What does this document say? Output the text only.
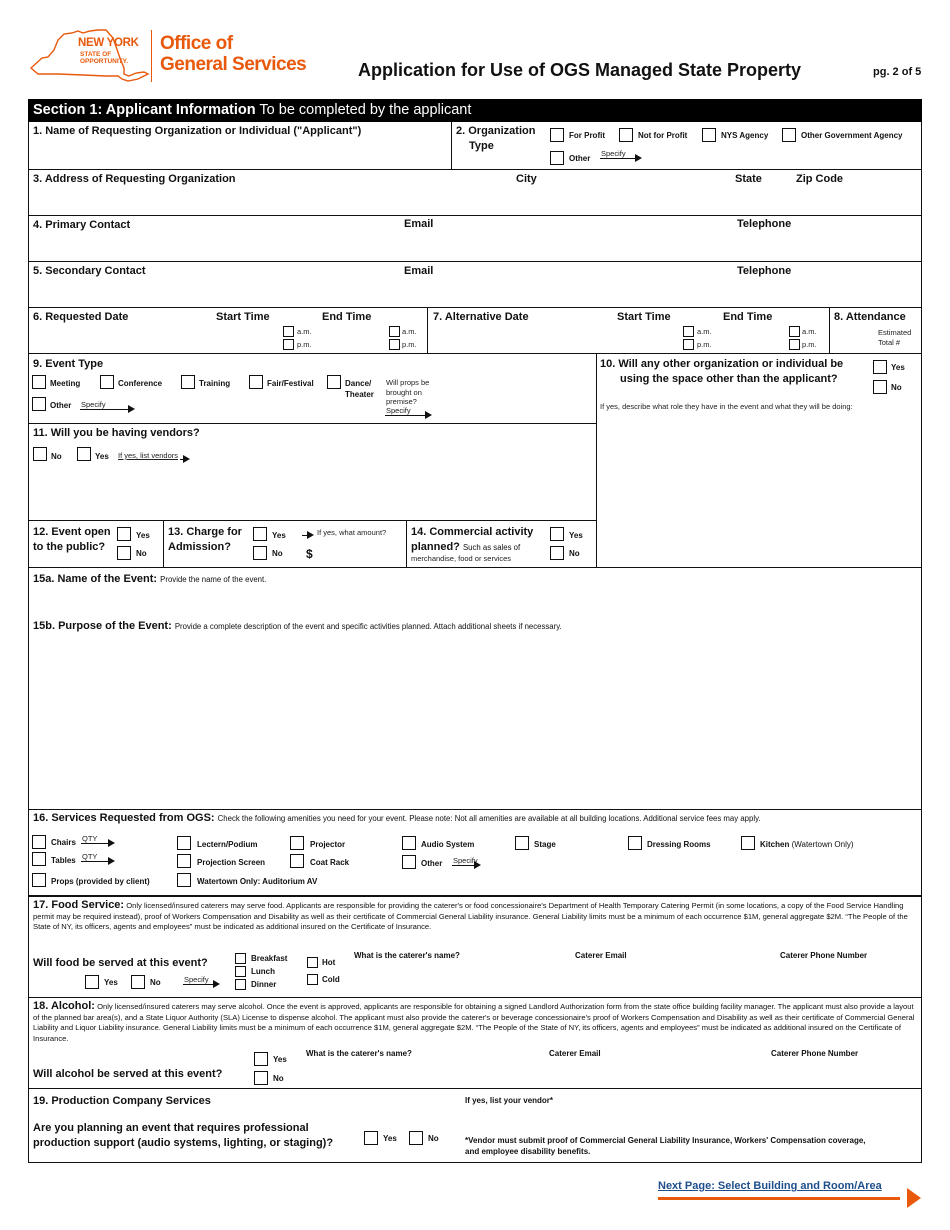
NEW YORK
STATE OF
OPPORTUNITY.
Office of
General Services	Application for Use of OGS Managed State Property	pg. 2 of 5
Section 1: Applicant Information To be completed by the applicant
1. Name of Requesting Organization or Individual ("Applicant")	2. Organization
Type
For Profit	Not for Profit	NYS Agency	Other Government Agency
Other
Specify
3. Address of Requesting Organization	City	State	Zip Code
4. Primary Contact	Email	Telephone
5. Secondary Contact	Email	Telephone
6. Requested Date	Start Time	End Time
a.m.
p.m.
a.m.
p.m.
7. Alternative Date	Start Time	End Time
a.m.
p.m.
a.m.
p.m.
8. Attendance
Estimated
Total #
9. Event Type
Meeting	Conference	Training	Fair/Festival	Dance/
Theater
Will props be
brought on
premise?
Specify
Other Specify
10. Will any other organization or individual be
using the space other than the applicant?
Yes
No
If yes, describe what role they have in the event and what they will be doing:
11. Will you be having vendors?
No	Yes If yes, list vendors
12. Event open
to the public?
Yes
No
13. Charge for
Admission?
Yes
No
If yes, what amount?
$
14. Commercial activity
planned? Such as sales of
merchandise, food or services
Yes
No
15a. Name of the Event: Provide the name of the event.
15b. Purpose of the Event: Provide a complete description of the event and specific activities planned. Attach additional sheets if necessary.
16. Services Requested from OGS: Check the following amenities you need for your event. Please note: Not all amenities are available at all building locations. Additional service fees may apply.
Chairs QTY
Tables QTY
Props (provided by client)
Lectern/Podium
Projection Screen
Watertown Only: Auditorium AV
Projector
Coat Rack
Audio System
Other Specify
Stage	Dressing Rooms	Kitchen (Watertown Only)
17. Food Service: Only licensed/insured caterers may serve food. Applicants are responsible for providing the caterer's or food concessionaire's Department of Health Temporary Catering Permit (in some locations, a copy of the Food Service Handling permit may be required instead), proof of Workers Compensation and Disability as well as their certificate of Commercial General Liability insurance. General Liability limits must be a minimum of each occurrence $1M, general aggregate $2M. “The People of the State of NY, its officers, agents and employees” must be indicated as additional insured on the Certificate of Insurance.
Will food be served at this event?
Yes	No	Specify
Breakfast
Lunch
Dinner
Hot
Cold
What is the caterer's name?	Caterer Email	Caterer Phone Number
18. Alcohol: Only licensed/insured caterers may serve alcohol. Once the event is approved, applicants are responsible for obtaining a signed Landlord Authorization form from the state office building facility manager. The applicant must also provide a layout of the planned bar area(s), and a State Liquor Authority (SLA) License to dispense alcohol. The applicant must also provide the caterer's or beverage concessionaire's proof of Workers Compensation and Disability as well as their certificate of Commercial General Liability and Liquor Liability insurance. General Liability limits must be a minimum of each occurrence $1M, general aggregate $2M. “The People of the State of NY, its officers, agents and employees” must be indicated as additional insured on the Certificate of Insurance.
Yes
No
Will alcohol be served at this event?
What is the caterer's name?	Caterer Email	Caterer Phone Number
19. Production Company Services	If yes, list your vendor*
Are you planning an event that requires professional
production support (audio systems, lighting, or staging)?	Yes	No	*Vendor must submit proof of Commercial General Liability Insurance, Workers' Compensation coverage,
and employee disability benefits.
Next Page: Select Building and Room/Area
